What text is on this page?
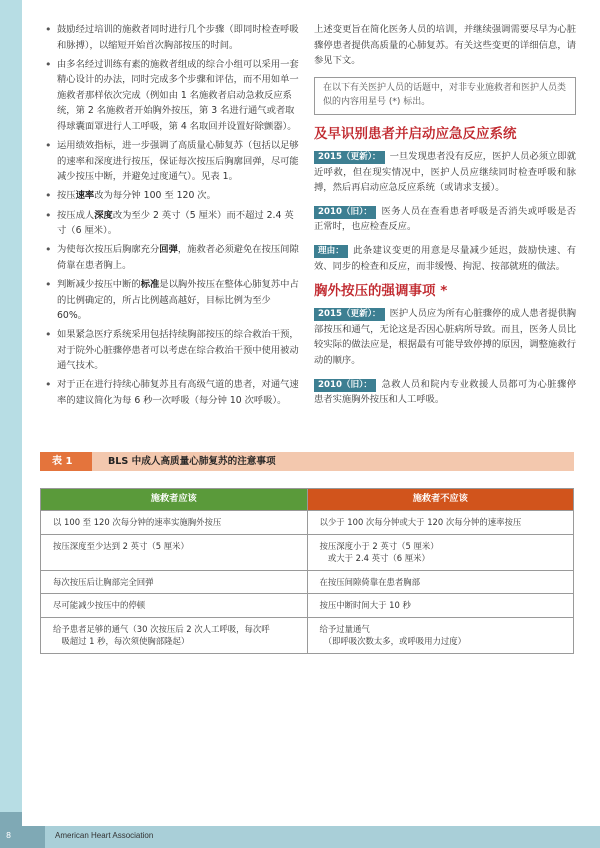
• 鼓励经过培训的施救者同时进行几个步骤（即同时检查呼吸和脉搏），以缩短开始首次胸部按压的时间。
• 由多名经过训练有素的施救者组成的综合小组可以采用一套精心设计的办法，同时完成多个步骤和评估，而不用如单一施救者那样依次完成（例如由 1 名施救者启动急救反应系统，第 2 名施救者开始胸外按压，第 3 名进行通气或者取得球囊面罩进行人工呼吸，第 4 名取回并设置好除颤器）。
• 运用绩效指标，进一步强调了高质量心肺复苏（包括以足够的速率和深度进行按压，保证每次按压后胸廓回弹，尽可能减少按压中断，并避免过度通气）。见表 1。
• 按压速率改为每分钟 100 至 120 次。
• 按压成人深度改为至少 2 英寸（5 厘米）而不超过 2.4 英寸（6 厘米）。
• 为使每次按压后胸廓充分回弹，施救者必须避免在按压间隙倚靠在患者胸上。
• 判断减少按压中断的标准是以胸外按压在整体心肺复苏中占的比例确定的，所占比例越高越好，目标比例为至少 60%。
• 如果紧急医疗系统采用包括持续胸部按压的综合救治干预，对于院外心脏骤停患者可以考虑在综合救治干预中使用被动通气技术。
• 对于正在进行持续心肺复苏且有高级气道的患者，对通气速率的建议简化为每 6 秒一次呼吸（每分钟 10 次呼吸）。

上述变更旨在简化医务人员的培训，并继续强调需要尽早为心脏骤停患者提供高质量的心肺复苏。有关这些变更的详细信息，请参见下文。

在以下有关医护人员的话题中，对非专业施救者和医护人员类似的内容用星号 (*) 标出。
及早识别患者并启动应急反应系统

2015（更新）： 一旦发现患者没有反应，医护人员必须立即就近呼救，但在现实情况中，医护人员应继续同时检查呼吸和脉搏，然后再启动应急反应系统（或请求支援）。

2010（旧）： 医务人员在查看患者呼吸是否消失或呼吸是否正常时，也应检查反应。

理由： 此条建议变更的用意是尽量减少延迟，鼓励快速、有效、同步的检查和反应，而非缓慢、拘泥、按部就班的做法。

胸外按压的强调事项 *

2015（更新）： 医护人员应为所有心脏骤停的成人患者提供胸部按压和通气，无论这是否因心脏病所导致。而且，医务人员比较实际的做法应是，根据最有可能导致停搏的原因，调整施救行动的顺序。

2010（旧）： 急救人员和院内专业救援人员都可为心脏骤停患者实施胸外按压和人工呼吸。

表 1	BLS 中成人高质量心肺复苏的注意事项
施救者应该	施救者不应该
以 100 至 120 次每分钟的速率实施胸外按压	以少于 100 次每分钟或大于 120 次每分钟的速率按压
按压深度至少达到 2 英寸（5 厘米）	按压深度小于 2 英寸（5 厘米）
　或大于 2.4 英寸（6 厘米）
每次按压后让胸部完全回弹	在按压间隙倚靠在患者胸部
尽可能减少按压中的停顿	按压中断时间大于 10 秒
给予患者足够的通气（30 次按压后 2 次人工呼吸，每次呼
　吸超过 1 秒，每次须使胸部隆起）	给予过量通气
　（即呼吸次数太多，或呼吸用力过度）
8	American Heart Association
